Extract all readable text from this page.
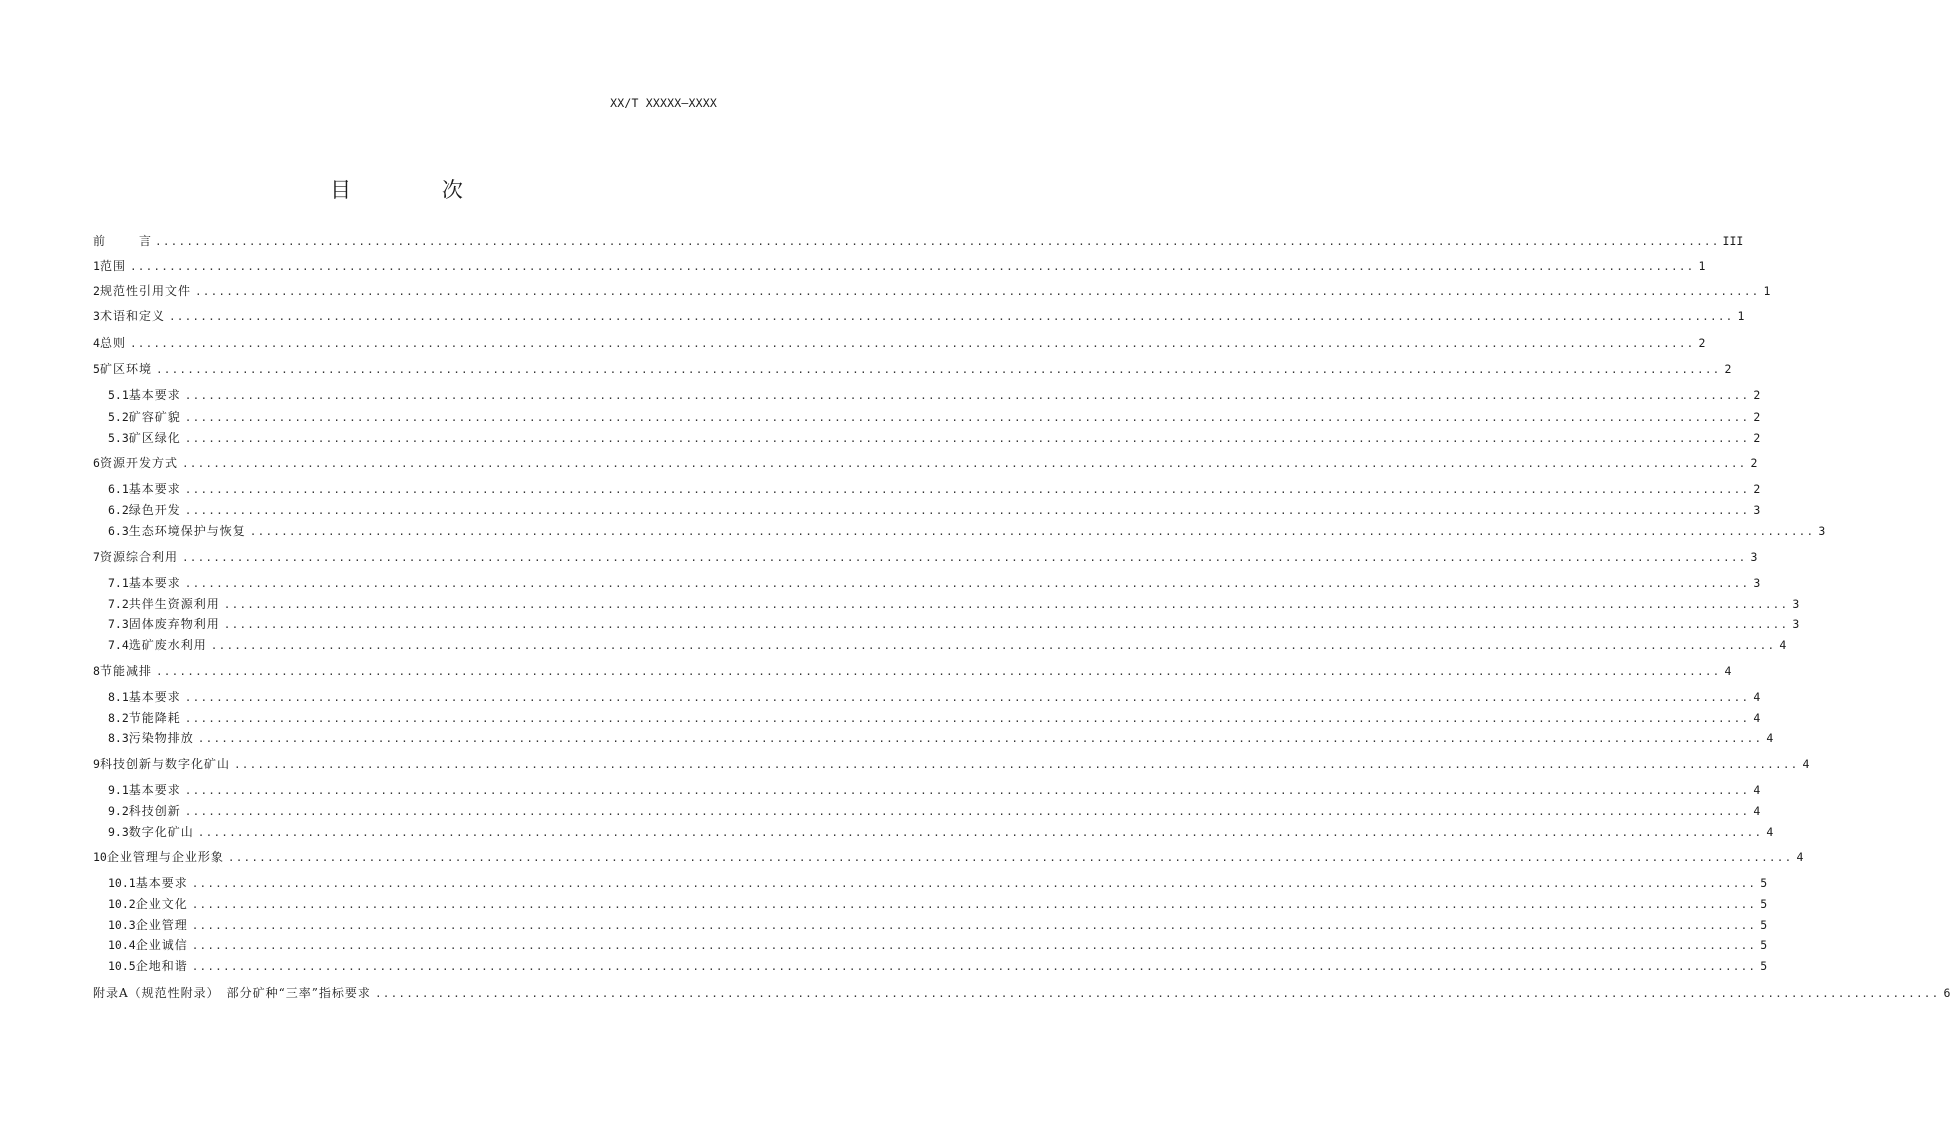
XX/T XXXXX—XXXX
目 次
前	言 ........................................................................................................................................................................................................ III
1 范围 ........................................................................................................................................................................................................ 1
2 规范性引用文件 ........................................................................................................................................................................................................ 1
3 术语和定义 ........................................................................................................................................................................................................ 1
4 总则 ........................................................................................................................................................................................................ 2
5 矿区环境 ........................................................................................................................................................................................................ 2
5.1 基本要求 ........................................................................................................................................................................................................ 2
5.2 矿容矿貌 ........................................................................................................................................................................................................ 2
5.3 矿区绿化 ........................................................................................................................................................................................................ 2
6 资源开发方式 ........................................................................................................................................................................................................ 2
6.1 基本要求 ........................................................................................................................................................................................................ 2
6.2 绿色开发 ........................................................................................................................................................................................................ 3
6.3 生态环境保护与恢复 ........................................................................................................................................................................................................ 3
7 资源综合利用 ........................................................................................................................................................................................................ 3
7.1 基本要求 ........................................................................................................................................................................................................ 3
7.2 共伴生资源利用 ........................................................................................................................................................................................................ 3
7.3 固体废弃物利用 ........................................................................................................................................................................................................ 3
7.4 选矿废水利用 ........................................................................................................................................................................................................ 4
8 节能减排 ........................................................................................................................................................................................................ 4
8.1 基本要求 ........................................................................................................................................................................................................ 4
8.2 节能降耗 ........................................................................................................................................................................................................ 4
8.3 污染物排放 ........................................................................................................................................................................................................ 4
9 科技创新与数字化矿山 ........................................................................................................................................................................................................ 4
9.1 基本要求 ........................................................................................................................................................................................................ 4
9.2 科技创新 ........................................................................................................................................................................................................ 4
9.3 数字化矿山 ........................................................................................................................................................................................................ 4
10 企业管理与企业形象 ........................................................................................................................................................................................................ 4
10.1 基本要求 ........................................................................................................................................................................................................ 5
10.2 企业文化 ........................................................................................................................................................................................................ 5
10.3 企业管理 ........................................................................................................................................................................................................ 5
10.4 企业诚信 ........................................................................................................................................................................................................ 5
10.5 企地和谐 ........................................................................................................................................................................................................ 5
附录A（规范性附录）　部分矿种“三率”指标要求 ........................................................................................................................................................................................................ 6
